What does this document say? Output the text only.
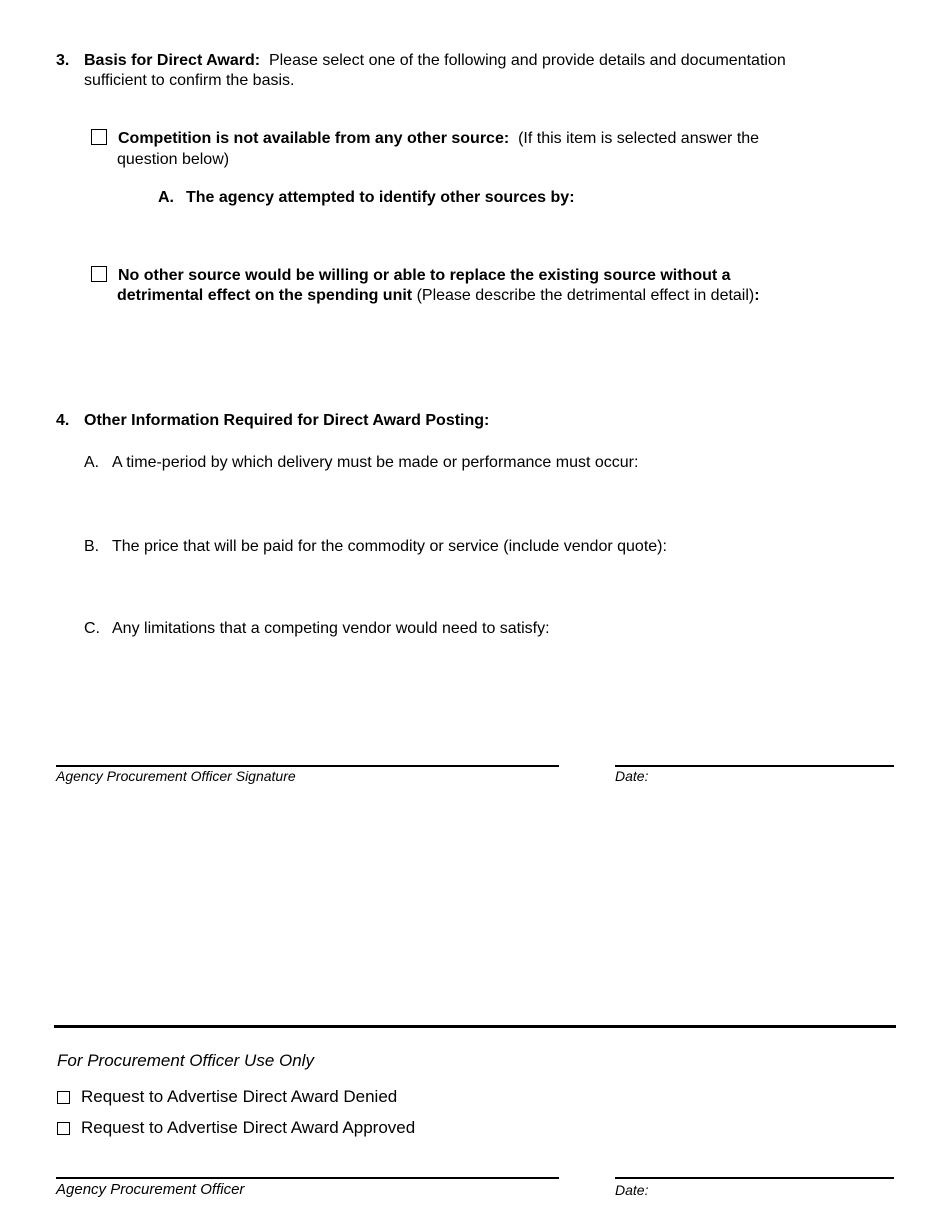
3. Basis for Direct Award: Please select one of the following and provide details and documentation
sufficient to confirm the basis.
Competition is not available from any other source: (If this item is selected answer the
question below)
A. The agency attempted to identify other sources by:
No other source would be willing or able to replace the existing source without a
detrimental effect on the spending unit (Please describe the detrimental effect in detail):
4. Other Information Required for Direct Award Posting:
A. A time-period by which delivery must be made or performance must occur:
B. The price that will be paid for the commodity or service (include vendor quote):
C. Any limitations that a competing vendor would need to satisfy:
Agency Procurement Officer Signature	Date:
For Procurement Officer Use Only
Request to Advertise Direct Award Denied
Request to Advertise Direct Award Approved
Agency Procurement Officer	Date:
